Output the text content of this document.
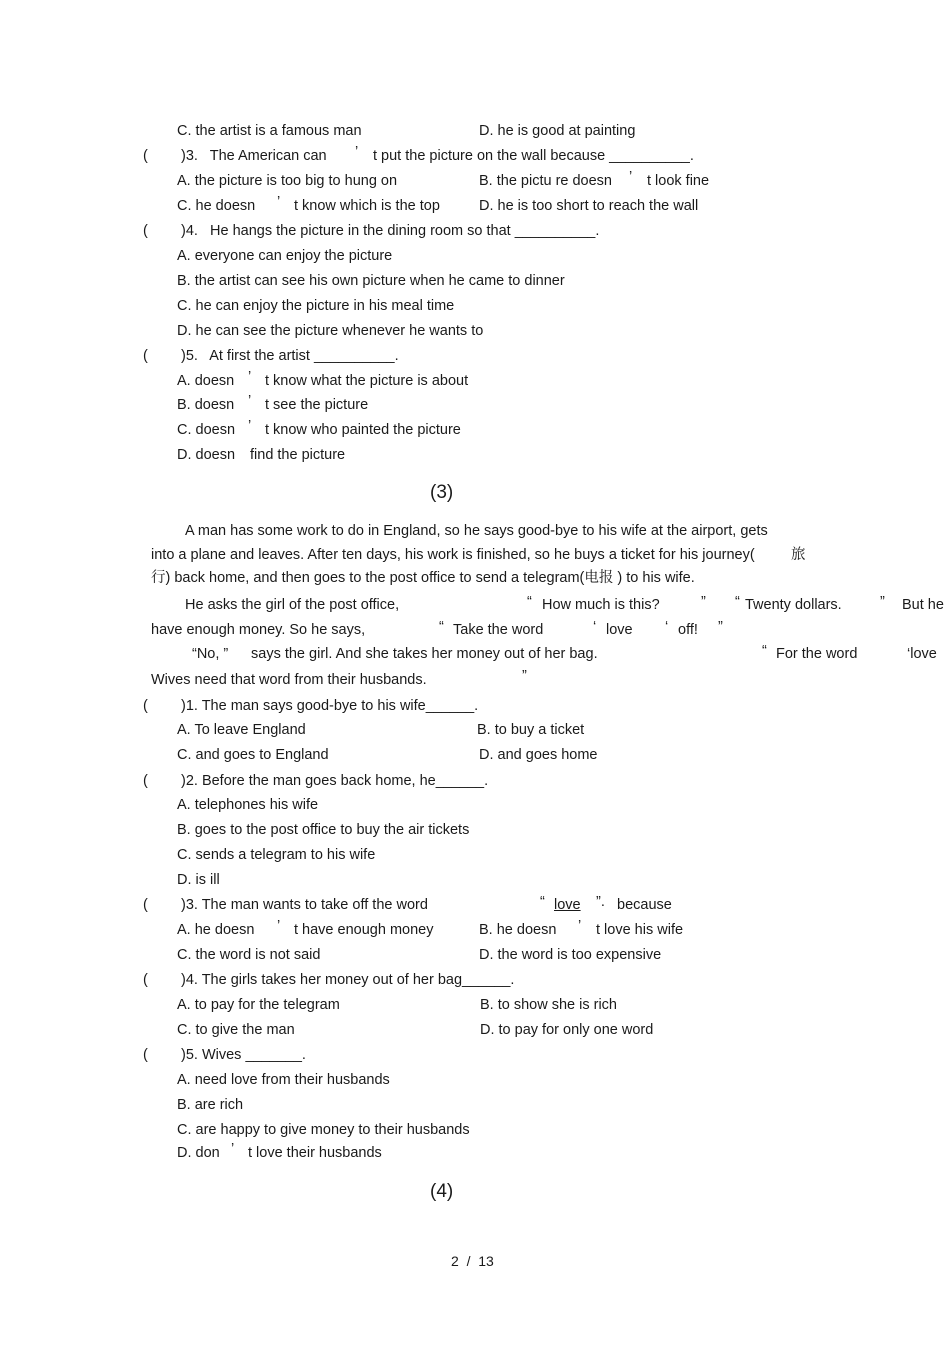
C. the artist is a famous man	D. he is good at painting
( )3.   The American can ’ t put the picture on the wall because __________.
A. the picture is too big to hung on	B. the pictu re doesn ’ t look fine
C. he doesn ’ t know which is the top	D. he is too short to reach the wall
( )4.   He hangs the picture in the dining room so that __________.
A. everyone can enjoy the picture
B. the artist can see his own picture when he came to dinner
C. he can enjoy the picture in his meal time
D. he can see the picture whenever he wants to
( )5.   At first the artist __________.
A. doesn ’ t know what the picture is about
B. doesn ’ t see the picture
C. doesn ’ t know who painted the picture
D. doesn find the picture
(3)
A man has some work to do in England, so he says good-bye to his wife at the airport, gets
into a plane and leaves. After ten days, his work is finished, so he buys a ticket for his journey(	旅
行) back home, and then goes to the post office to send a telegram(电报 ) to his wife.
He asks the girl of the post office,	“ How much is this?	” “ Twenty dollars.	” But he
have enough money. So he says,	“ Take the word	‘ love ‘ off! ”
“No, ” says the girl. And she takes her money out of her bag.	“ For the word	‘love
Wives need that word from their husbands.	”
( )1. The man says good-bye to his wife______.
A. To leave England	B. to buy a ticket
C. and goes to England	D. and goes home
( )2. Before the man goes back home, he______.
A. telephones his wife
B. goes to the post office to buy the air tickets
C. sends a telegram to his wife
D. is ill
( )3. The man wants to take off the word	“ love ”. because
A. he doesn ’ t have enough money	B. he doesn ’ t love his wife
C. the word is not said	D. the word is too expensive
( )4. The girls takes her money out of her bag______.
A. to pay for the telegram	B. to show she is rich
C. to give the man	D. to pay for only one word
( )5. Wives _______.
A. need love from their husbands
B. are rich
C. are happy to give money to their husbands
D. don ’ t love their husbands
(4)
2  /  13
